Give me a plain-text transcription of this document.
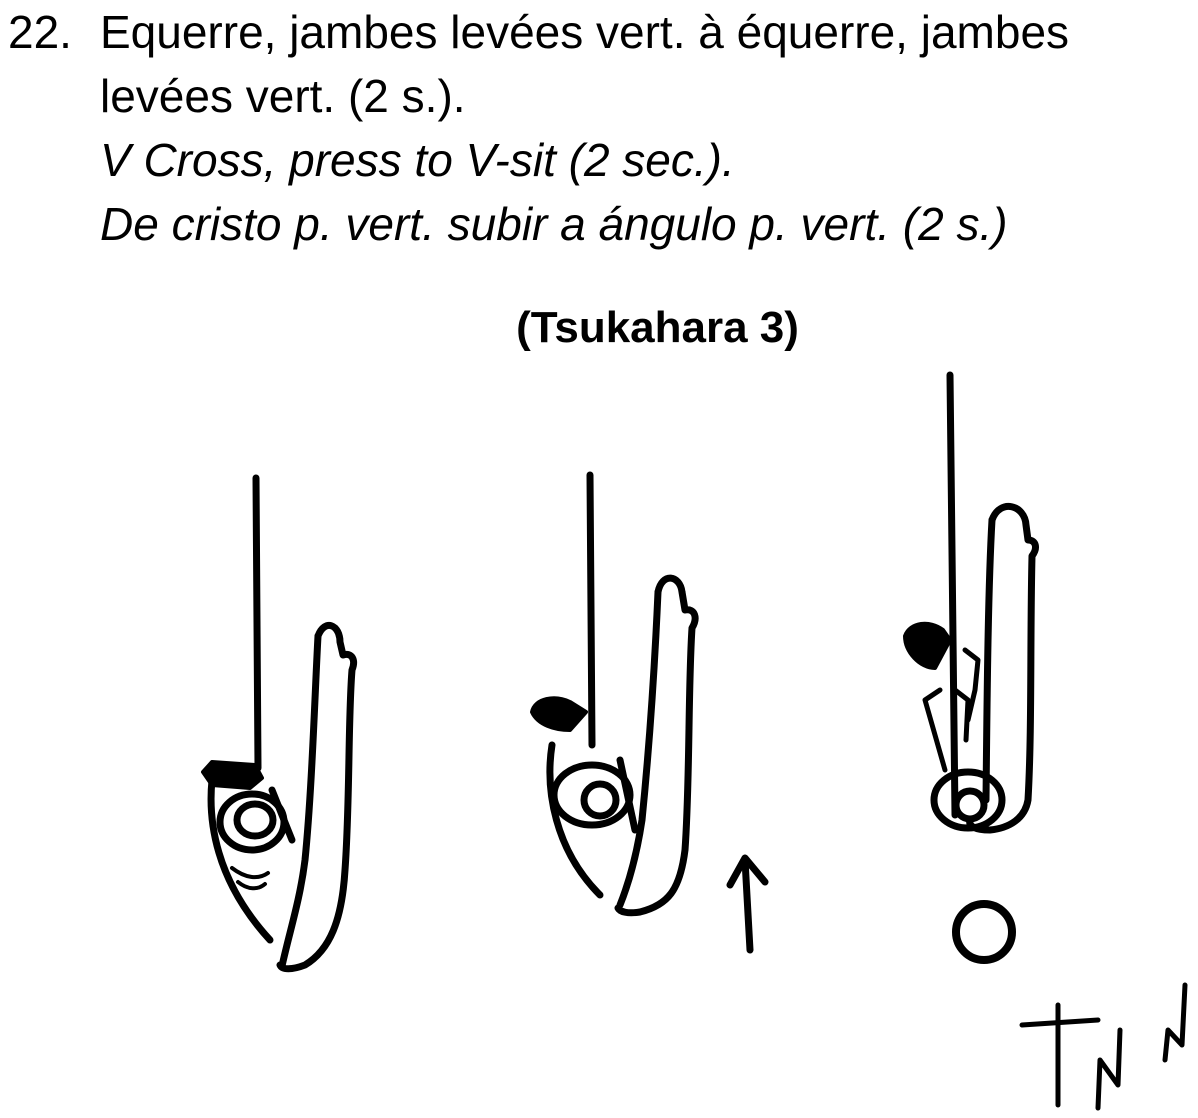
22. Equerre, jambes levées vert. à équerre, jambes
levées vert. (2 s.).
V Cross, press to V-sit (2 sec.).
De cristo p. vert. subir a ángulo p. vert. (2 s.)
(Tsukahara 3)
